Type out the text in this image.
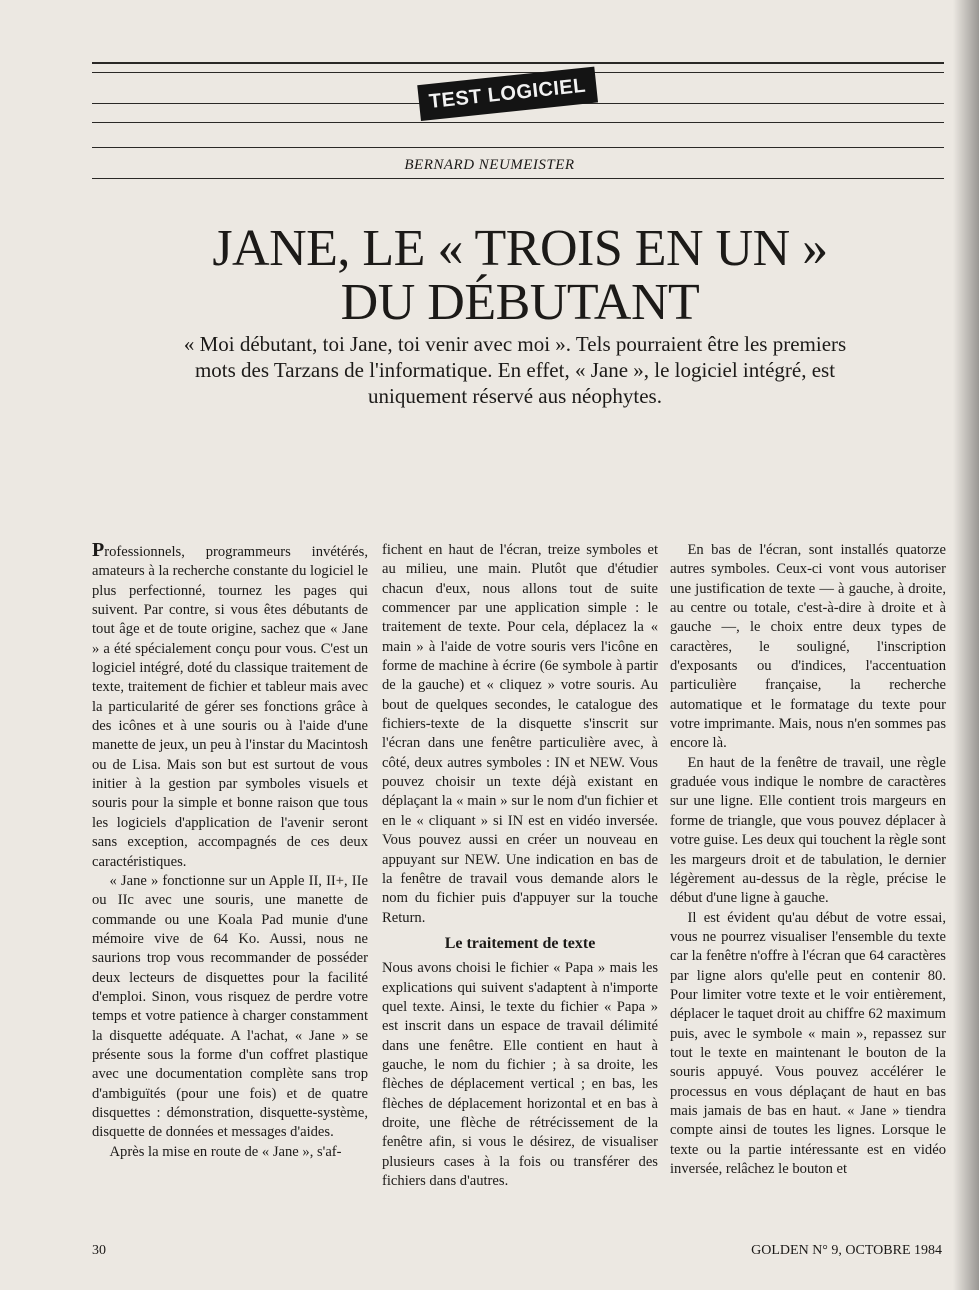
TEST LOGICIEL
BERNARD NEUMEISTER
JANE, LE « TROIS EN UN »
DU DÉBUTANT

« Moi débutant, toi Jane, toi venir avec moi ». Tels pourraient être les premiers mots des Tarzans de l'informatique. En effet, « Jane », le logiciel intégré, est uniquement réservé aus néophytes.

Professionnels, programmeurs invétérés, amateurs à la recherche constante du logiciel le plus perfectionné, tournez les pages qui suivent. Par contre, si vous êtes débutants de tout âge et de toute origine, sachez que « Jane » a été spécialement conçu pour vous. C'est un logiciel intégré, doté du classique traitement de texte, traitement de fichier et tableur mais avec la particularité de gérer ses fonctions grâce à des icônes et à une souris ou à l'aide d'une manette de jeux, un peu à l'instar du Macintosh ou de Lisa. Mais son but est surtout de vous initier à la gestion par symboles visuels et souris pour la simple et bonne raison que tous les logiciels d'application de l'avenir seront sans exception, accompagnés de ces deux caractéristiques.

« Jane » fonctionne sur un Apple II, II+, IIe ou IIc avec une souris, une manette de commande ou une Koala Pad munie d'une mémoire vive de 64 Ko. Aussi, nous ne saurions trop vous recommander de posséder deux lecteurs de disquettes pour la facilité d'emploi. Sinon, vous risquez de perdre votre temps et votre patience à charger constamment la disquette adéquate. A l'achat, « Jane » se présente sous la forme d'un coffret plastique avec une documentation complète sans trop d'ambiguïtés (pour une fois) et de quatre disquettes : démonstration, disquette-système, disquette de données et messages d'aides.

Après la mise en route de « Jane », s'af-

fichent en haut de l'écran, treize symboles et au milieu, une main. Plutôt que d'étudier chacun d'eux, nous allons tout de suite commencer par une application simple : le traitement de texte. Pour cela, déplacez la « main » à l'aide de votre souris vers l'icône en forme de machine à écrire (6e symbole à partir de la gauche) et « cliquez » votre souris. Au bout de quelques secondes, le catalogue des fichiers-texte de la disquette s'inscrit sur l'écran dans une fenêtre particulière avec, à côté, deux autres symboles : IN et NEW. Vous pouvez choisir un texte déjà existant en déplaçant la « main » sur le nom d'un fichier et en le « cliquant » si IN est en vidéo inversée. Vous pouvez aussi en créer un nouveau en appuyant sur NEW. Une indication en bas de la fenêtre de travail vous demande alors le nom du fichier puis d'appuyer sur la touche Return.

Le traitement de texte

Nous avons choisi le fichier « Papa » mais les explications qui suivent s'adaptent à n'importe quel texte. Ainsi, le texte du fichier « Papa » est inscrit dans un espace de travail délimité dans une fenêtre. Elle contient en haut à gauche, le nom du fichier ; à sa droite, les flèches de déplacement vertical ; en bas, les flèches de déplacement horizontal et en bas à droite, une flèche de rétrécissement de la fenêtre afin, si vous le désirez, de visualiser plusieurs cases à la fois ou transférer des fichiers dans d'autres.

En bas de l'écran, sont installés quatorze autres symboles. Ceux-ci vont vous autoriser une justification de texte — à gauche, à droite, au centre ou totale, c'est-à-dire à droite et à gauche —, le choix entre deux types de caractères, le souligné, l'inscription d'exposants ou d'indices, l'accentuation particulière française, la recherche automatique et le formatage du texte pour votre imprimante. Mais, nous n'en sommes pas encore là.

En haut de la fenêtre de travail, une règle graduée vous indique le nombre de caractères sur une ligne. Elle contient trois margeurs en forme de triangle, que vous pouvez déplacer à votre guise. Les deux qui touchent la règle sont les margeurs droit et de tabulation, le dernier légèrement au-dessus de la règle, précise le début d'une ligne à gauche.

Il est évident qu'au début de votre essai, vous ne pourrez visualiser l'ensemble du texte car la fenêtre n'offre à l'écran que 64 caractères par ligne alors qu'elle peut en contenir 80. Pour limiter votre texte et le voir entièrement, déplacer le taquet droit au chiffre 62 maximum puis, avec le symbole « main », repassez sur tout le texte en maintenant le bouton de la souris appuyé. Vous pouvez accélérer le processus en vous déplaçant de haut en bas mais jamais de bas en haut. « Jane » tiendra compte ainsi de toutes les lignes. Lorsque le texte ou la partie intéressante est en vidéo inversée, relâchez le bouton et

30	GOLDEN N° 9, OCTOBRE 1984
